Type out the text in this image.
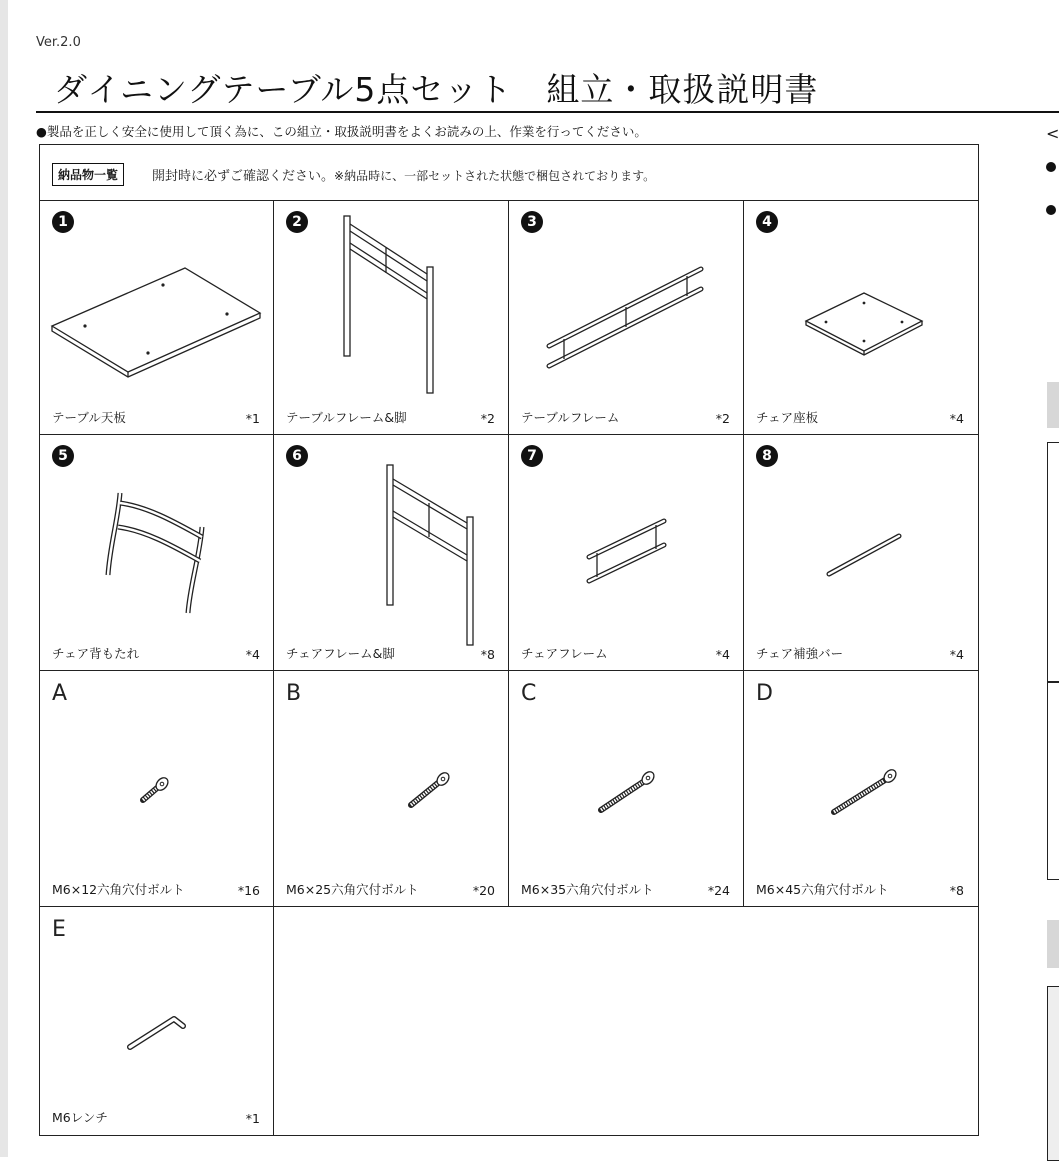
Ver.2.0
ダイニングテーブル5点セット　組立・取扱説明書
●製品を正しく安全に使用して頂く為に、この組立・取扱説明書をよくお読みの上、作業を行ってください。
納品物一覧	開封時に必ずご確認ください。※納品時に、一部セットされた状態で梱包されております。
1
テーブル天板	*1
2
テーブルフレーム&脚	*2
3
テーブルフレーム	*2
4
チェア座板	*4
5
チェア背もたれ	*4
6
チェアフレーム&脚	*8
7
チェアフレーム	*4
8
チェア補強バー	*4
A
M6×12六角穴付ボルト	*16
B
M6×25六角穴付ボルト	*20
C
M6×35六角穴付ボルト	*24
D
M6×45六角穴付ボルト	*8
E
M6レンチ	*1
<
